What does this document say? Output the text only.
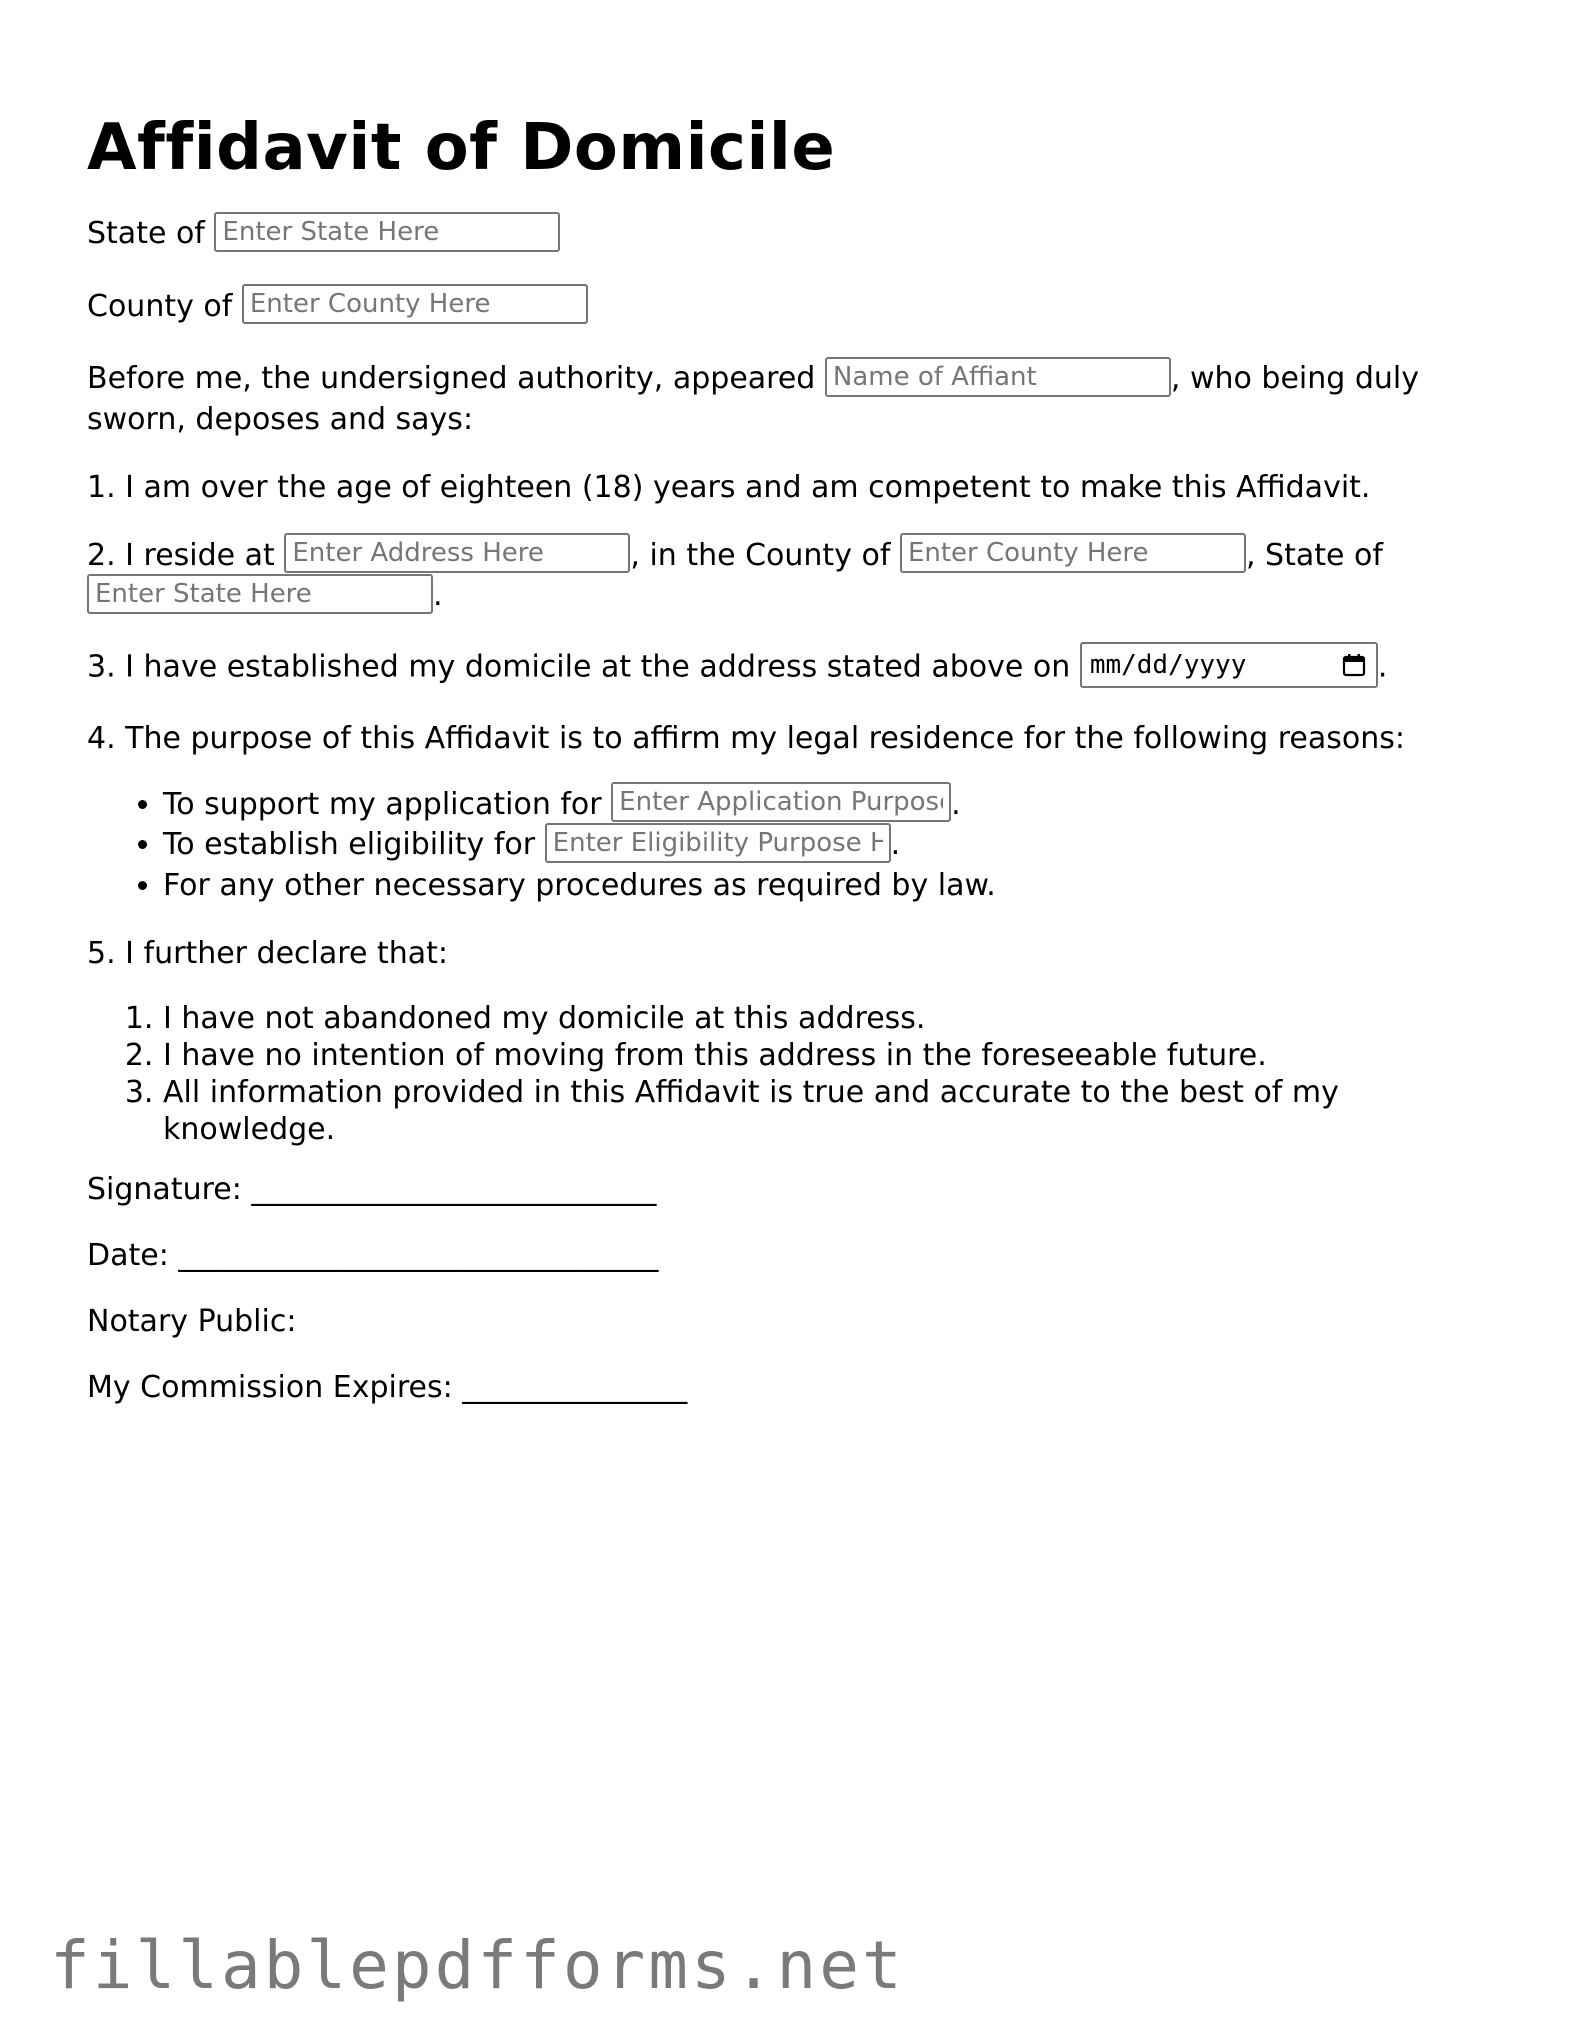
Affidavit of Domicile

State of Enter State Here

County of Enter County Here

Before me, the undersigned authority, appeared Name of Affiant	, who being duly sworn, deposes and says:

1. I am over the age of eighteen (18) years and am competent to make this Affidavit.

2. I reside at Enter Address Here	, in the County of Enter County Here	, State of Enter State Here.

3. I have established my domicile at the address stated above on mm/dd/yyyy	.

4. The purpose of this Affidavit is to affirm my legal residence for the following reasons:

• To support my application for Enter Application Purpose	.
• To establish eligibility for Enter Eligibility Purpose Here	.
• For any other necessary procedures as required by law.

5. I further declare that:

1. I have not abandoned my domicile at this address.
2. I have no intention of moving from this address in the foreseeable future.
3. All information provided in this Affidavit is true and accurate to the best of my knowledge.

Signature: ___________________________

Date: ________________________________

Notary Public:

My Commission Expires: _______________

fillablepdfforms.net
